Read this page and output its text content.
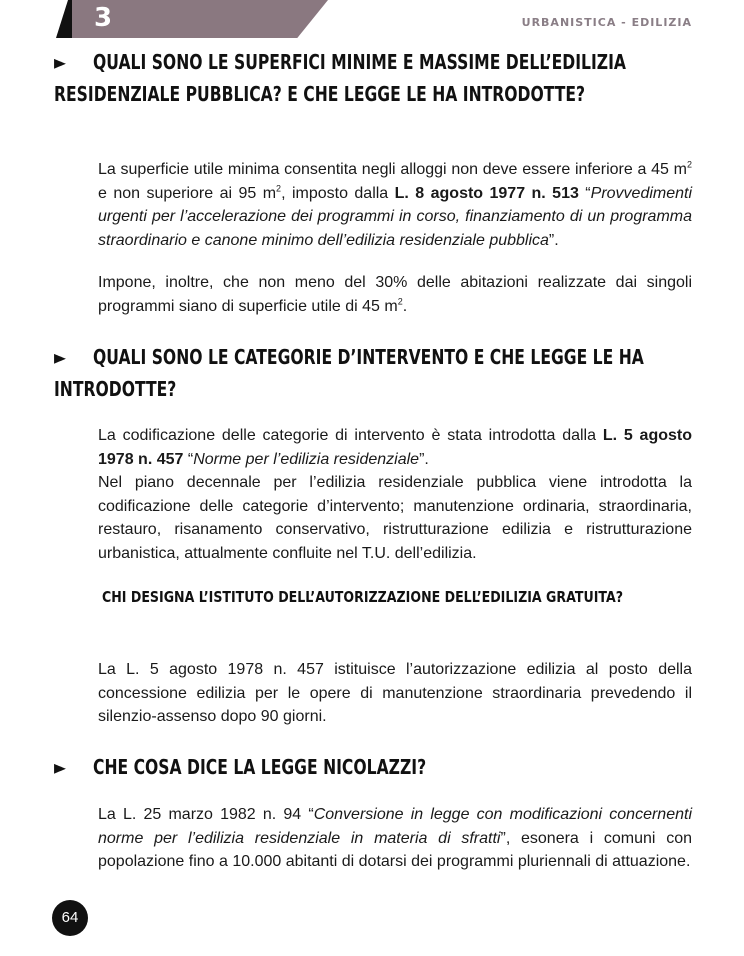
3	URBANISTICA - EDILIZIA
► QUALI SONO LE SUPERFICI MINIME E MASSIME DELL’EDILIZIA RESIDENZIALE PUBBLICA? E CHE LEGGE LE HA INTRODOTTE?
La superficie utile minima consentita negli alloggi non deve essere inferiore a 45 $m^2$ e non superiore ai 95 $m^2$, imposto dalla L. 8 agosto 1977 n. 513 “Provvedimenti urgenti per l’accelerazione dei programmi in corso, finanziamento di un programma straordinario e canone minimo dell’edilizia residenziale pubblica”.
Impone, inoltre, che non meno del 30% delle abitazioni realizzate dai singoli programmi siano di superficie utile di 45 $m^2$.
► QUALI SONO LE CATEGORIE D’INTERVENTO E CHE LEGGE LE HA INTRODOTTE?
La codificazione delle categorie di intervento è stata introdotta dalla L. 5 agosto 1978 n. 457 “Norme per l’edilizia residenziale”.
Nel piano decennale per l’edilizia residenziale pubblica viene introdotta la codificazione delle categorie d’intervento; manutenzione ordinaria, straordinaria, restauro, risanamento conservativo, ristrutturazione edilizia e ristrutturazione urbanistica, attualmente confluite nel T.U. dell’edilizia.
CHI DESIGNA L’ISTITUTO DELL’AUTORIZZAZIONE DELL’EDILIZIA GRATUITA?
La L. 5 agosto 1978 n. 457 istituisce l’autorizzazione edilizia al posto della concessione edilizia per le opere di manutenzione straordinaria prevedendo il silenzio-assenso dopo 90 giorni.
► CHE COSA DICE LA LEGGE NICOLAZZI?
La L. 25 marzo 1982 n. 94 “Conversione in legge con modificazioni concernenti norme per l’edilizia residenziale in materia di sfratti”, esonera i comuni con popolazione fino a 10.000 abitanti di dotarsi dei programmi pluriennali di attuazione.
64
